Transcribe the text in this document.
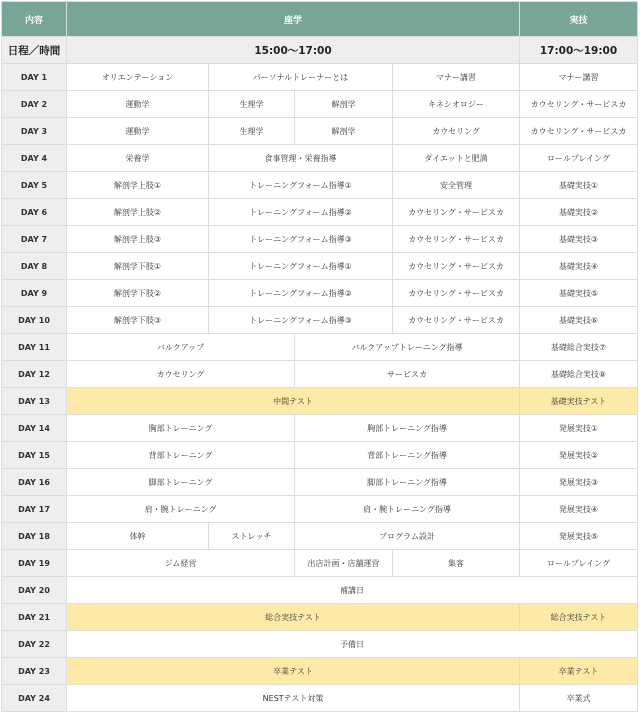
内容	座学				実技
日程／時間	15:00〜17:00				17:00〜19:00
DAY 1	オリエンテーション	パーソナルトレーナーとは		マナー講習	マナー講習
DAY 2	運動学	生理学	解剖学	キネシオロジー	カウセリング・サービスカ
DAY 3	運動学	生理学	解剖学	カウセリング	カウセリング・サービスカ
DAY 4	栄養学	食事管理・栄養指導		ダイエットと肥満	ロールプレイング
DAY 5	解剖学上肢①	トレーニングフォーム指導①		安全管理	基礎実技①
DAY 6	解剖学上肢②	トレーニングフォーム指導②		カウセリング・サービスカ	基礎実技②
DAY 7	解剖学上肢③	トレーニングフォーム指導③		カウセリング・サービスカ	基礎実技③
DAY 8	解剖学下肢①	トレーニングフォーム指導①		カウセリング・サービスカ	基礎実技④
DAY 9	解剖学下肢②	トレーニングフォーム指導②		カウセリング・サービスカ	基礎実技⑤
DAY 10	解剖学下肢③	トレーニングフォーム指導③		カウセリング・サービスカ	基礎実技⑥
DAY 11	バルクアップ		バルクアップトレーニング指導		基礎総合実技⑦
DAY 12	カウセリング		サービスカ		基礎総合実技⑧
DAY 13	中間テスト				基礎実技テスト
DAY 14	胸部トレーニング		胸部トレーニング指導		発展実技①
DAY 15	背部トレーニング		背部トレーニング指導		発展実技②
DAY 16	脚部トレーニング		脚部トレーニング指導		発展実技③
DAY 17	肩・腕トレーニング		肩・腕トレーニング指導		発展実技④
DAY 18	体幹	ストレッチ	プログラム設計		発展実技⑤
DAY 19	ジム経営		出店計画・店舗運営	集客	ロールプレイング
DAY 20	補講日				
DAY 21	総合実技テスト				総合実技テスト
DAY 22	予備日				
DAY 23	卒業テスト				卒業テスト
DAY 24	NESTテスト対策				卒業式
